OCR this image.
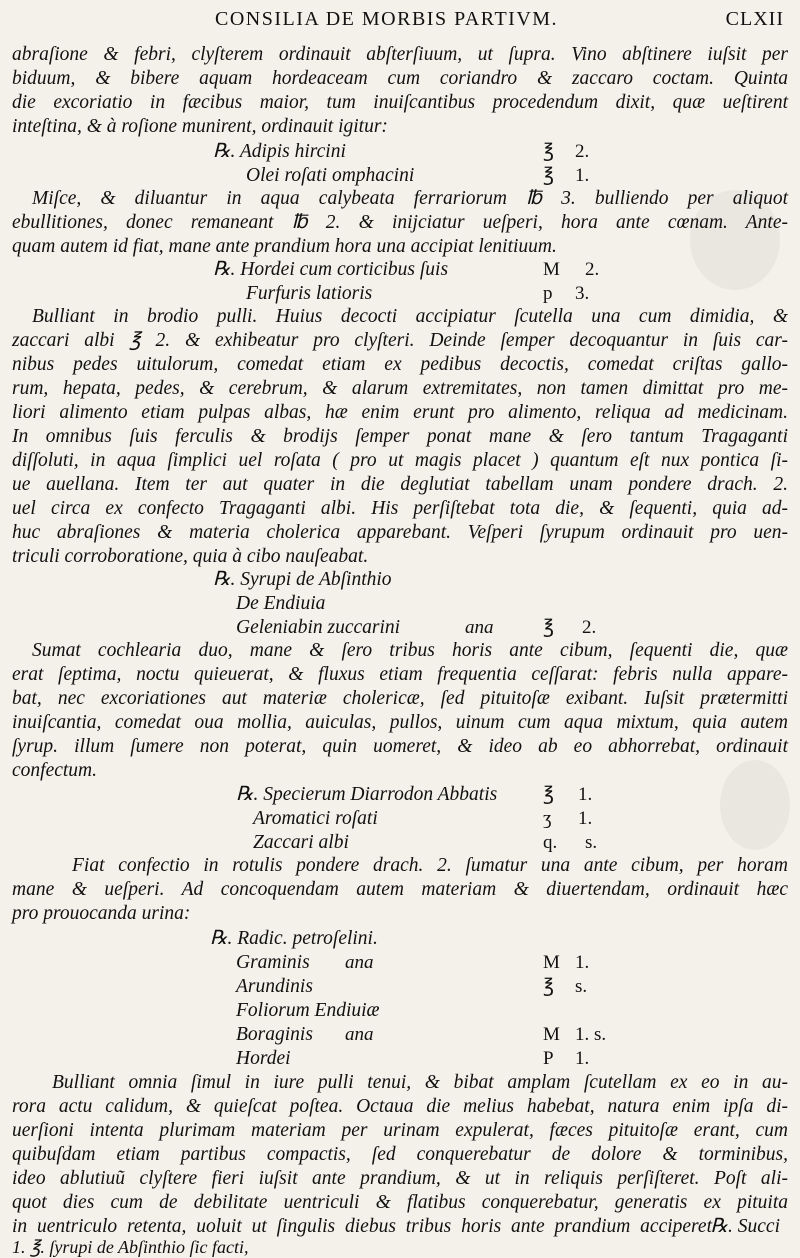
CONSILIA DE MORBIS PARTIVM.	CLXII
abraſione & febri, clyſterem ordinauit abſterſiuum, ut ſupra. Vino abſtinere iuſsit per
biduum, & bibere aquam hordeaceam cum coriandro & zaccaro coctam. Quinta
die excoriatio in fæcibus maior, tum inuiſcantibus procedendum dixit, quæ ueſtirent
inteſtina, & à roſione munirent, ordinauit igitur:
℞. Adipis hircini	℥ 2.
Olei roſati omphacini	℥ 1.
Miſce, & diluantur in aqua calybeata ferrariorum ℔ 3. bulliendo per aliquot
ebullitiones, donec remaneant ℔ 2. & inijciatur ueſperi, hora ante cœnam. Ante-
quam autem id fiat, mane ante prandium hora una accipiat lenitiuum.
℞. Hordei cum corticibus ſuis	M 2.
Furfuris latioris	p 3.
Bulliant in brodio pulli. Huius decocti accipiatur ſcutella una cum dimidia, &
zaccari albi ℥ 2. & exhibeatur pro clyſteri. Deinde ſemper decoquantur in ſuis car-
nibus pedes uitulorum, comedat etiam ex pedibus decoctis, comedat criſtas gallo-
rum, hepata, pedes, & cerebrum, & alarum extremitates, non tamen dimittat pro me-
liori alimento etiam pulpas albas, hæ enim erunt pro alimento, reliqua ad medicinam.
In omnibus ſuis ferculis & brodijs ſemper ponat mane & ſero tantum Tragaganti
diſſoluti, in aqua ſimplici uel roſata ( pro ut magis placet ) quantum eſt nux pontica ſi-
ue auellana. Item ter aut quater in die deglutiat tabellam unam pondere drach. 2.
uel circa ex confecto Tragaganti albi. His perſiſtebat tota die, & ſequenti, quia ad-
huc abraſiones & materia cholerica apparebant. Veſperi ſyrupum ordinauit pro uen-
triculi corroboratione, quia à cibo nauſeabat.
℞. Syrupi de Abſinthio
De Endiuia
Geleniabin zuccarini	ana	℥ 2.
Sumat cochlearia duo, mane & ſero tribus horis ante cibum, ſequenti die, quæ
erat ſeptima, noctu quieuerat, & fluxus etiam frequentia ceſſarat: febris nulla appare-
bat, nec excoriationes aut materiæ cholericæ, ſed pituitoſæ exibant. Iuſsit prætermitti
inuiſcantia, comedat oua mollia, auiculas, pullos, uinum cum aqua mixtum, quia autem
ſyrup. illum ſumere non poterat, quin uomeret, & ideo ab eo abhorrebat, ordinauit
confectum.
℞. Specierum Diarrodon Abbatis ℥ 1.
Aromatici roſati	ʒ 1.
Zaccari albi	q. s.
Fiat confectio in rotulis pondere drach. 2. ſumatur una ante cibum, per horam
mane & ueſperi. Ad concoquendam autem materiam & diuertendam, ordinauit hæc
pro prouocanda urina:
℞. Radic. petroſelini.
Graminis ana	M 1.
Arundinis	℥ s.
Foliorum Endiuiæ
Boraginis ana	M 1. s.
Hordei	P 1.
Bulliant omnia ſimul in iure pulli tenui, & bibat amplam ſcutellam ex eo in au-
rora actu calidum, & quieſcat poſtea. Octaua die melius habebat, natura enim ipſa di-
uerſioni intenta plurimam materiam per urinam expulerat, fæces pituitoſæ erant, cum
quibuſdam etiam partibus compactis, ſed conquerebatur de dolore & torminibus,
ideo ablutiuũ clyſtere fieri iuſsit ante prandium, & ut in reliquis perſiſteret. Poſt ali-
quot dies cum de debilitate uentriculi & flatibus conquerebatur, generatis ex pituita
in uentriculo retenta, uoluit ut ſingulis diebus tribus horis ante prandium acciperet
1. ℥. ſyrupi de Abſinthio ſic facti,
℞. Succi
